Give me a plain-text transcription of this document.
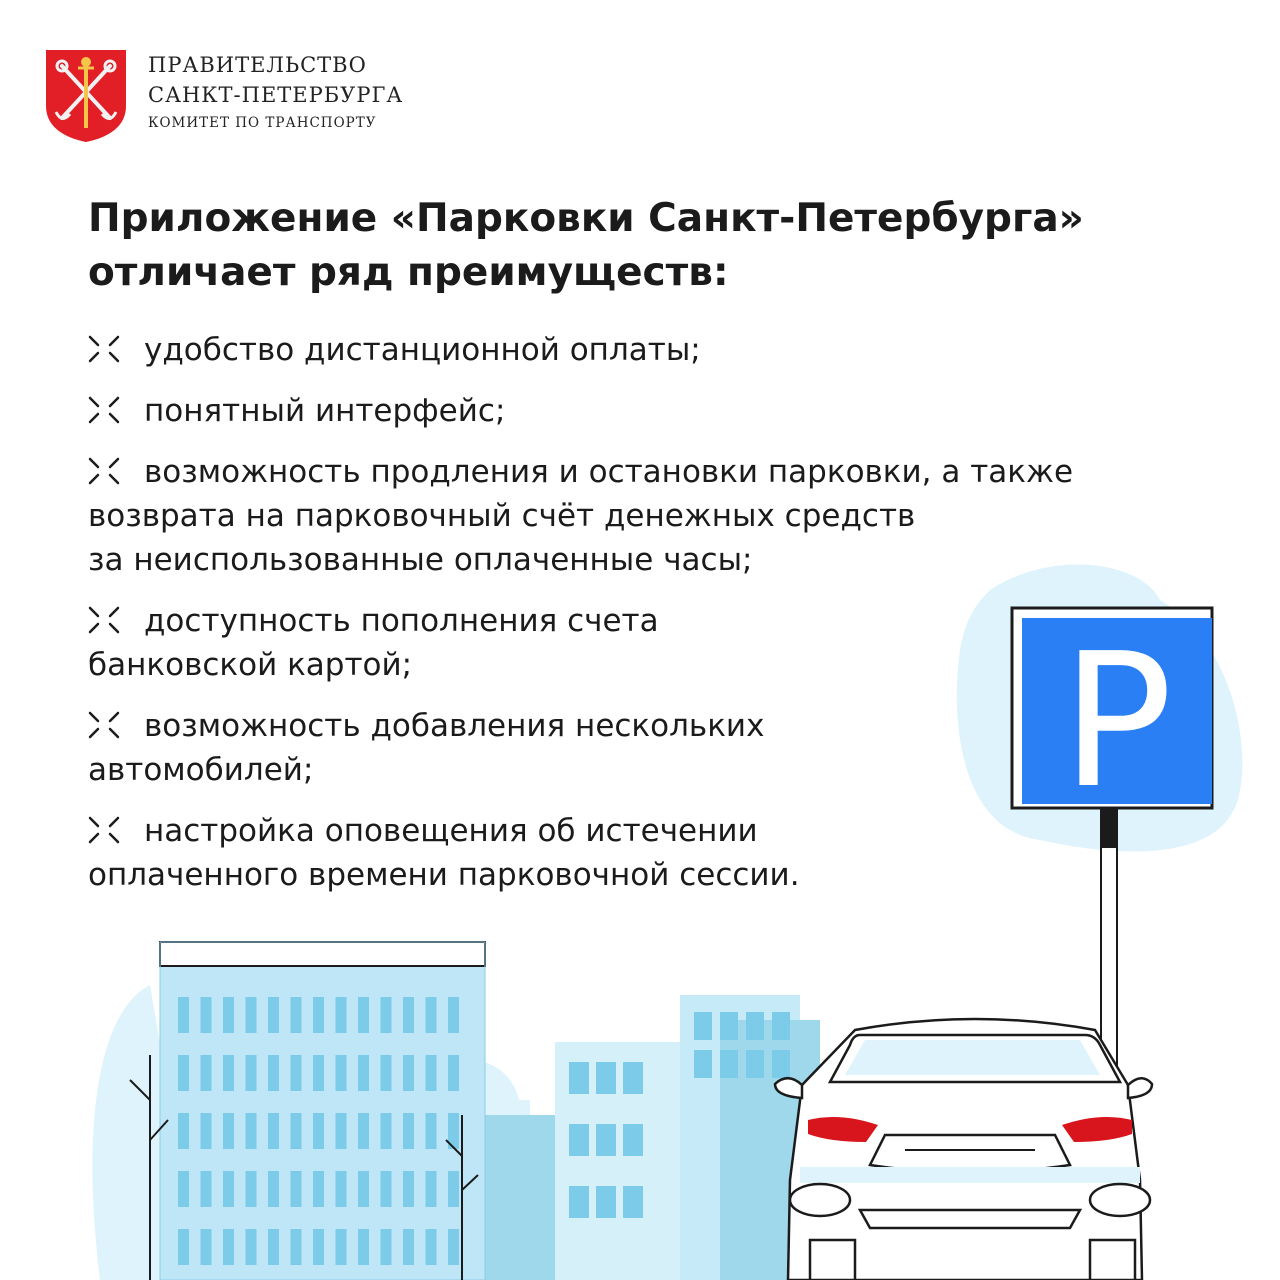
ПРАВИТЕЛЬСТВО
САНКТ-ПЕТЕРБУРГА
КОМИТЕТ ПО ТРАНСПОРТУ
Приложение «Парковки Санкт-Петербурга»
отличает ряд преимуществ:
P
удобство дистанционной оплаты;
понятный интерфейс;
возможность продления и остановки парковки, а также
возврата на парковочный счёт денежных средств
за неиспользованные оплаченные часы;
доступность пополнения счета
банковской картой;
возможность добавления нескольких
автомобилей;
настройка оповещения об истечении
оплаченного времени парковочной сессии.
